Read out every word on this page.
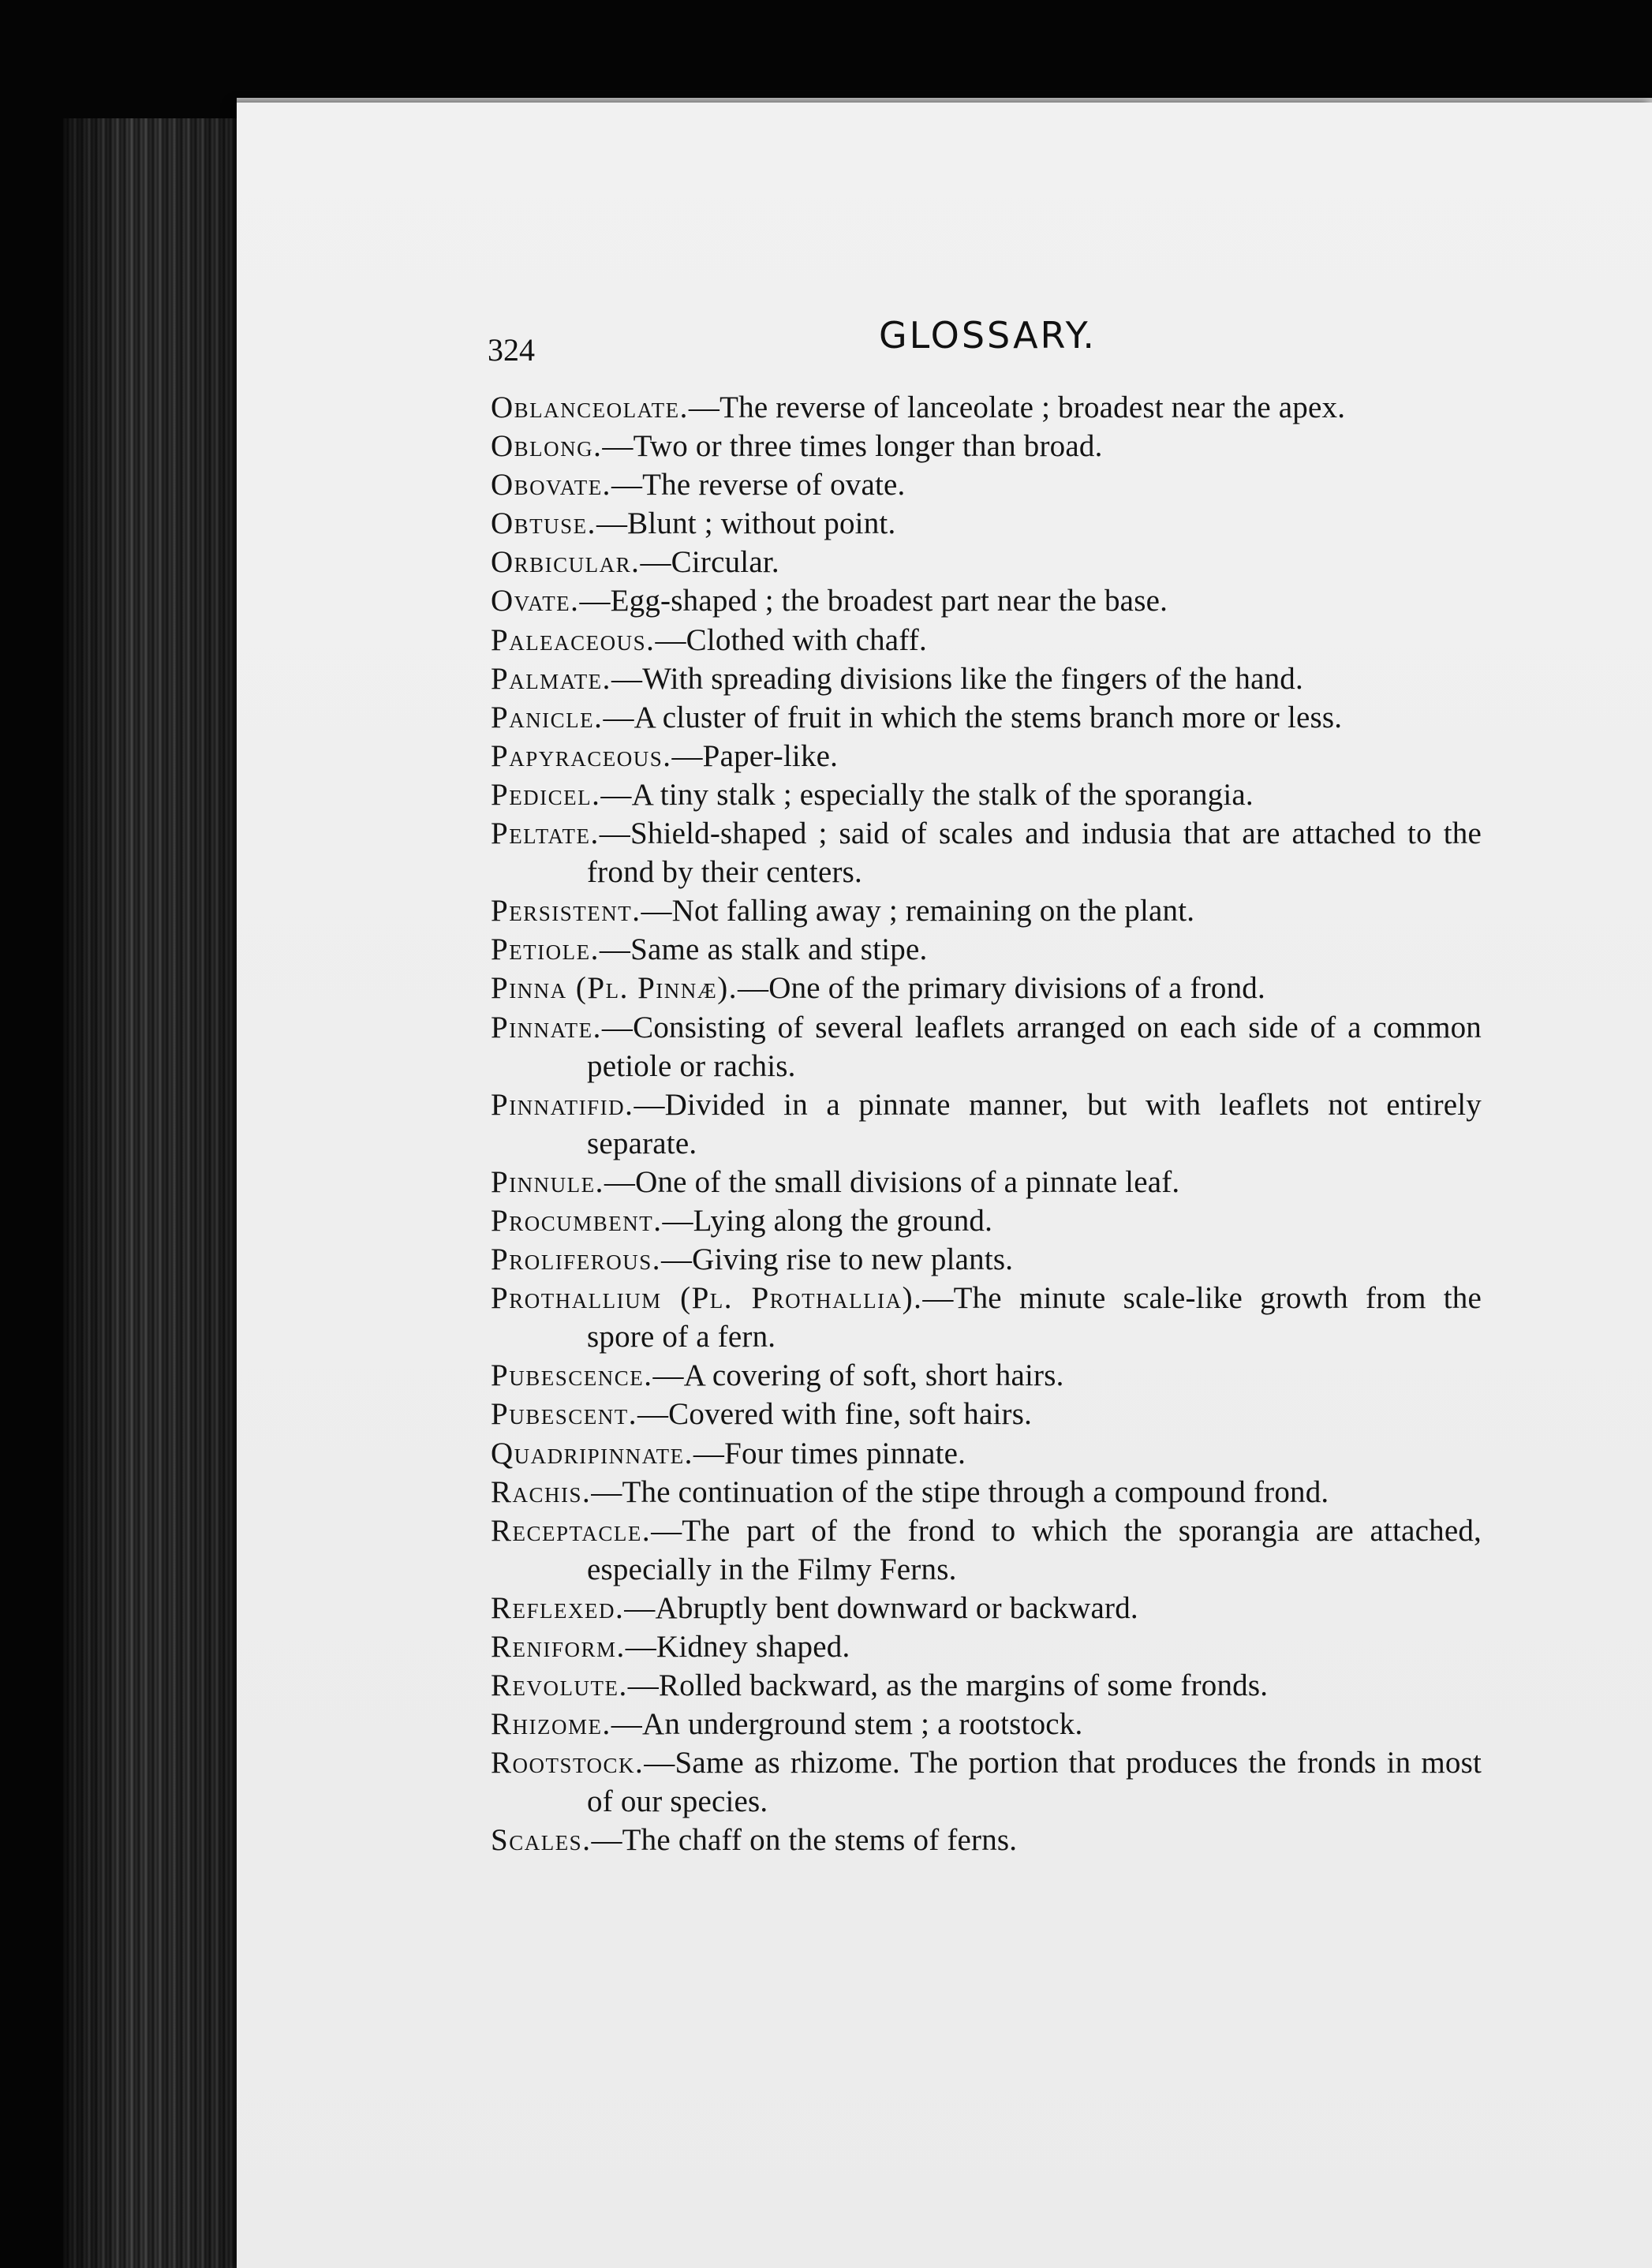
324	GLOSSARY.
Oblanceolate.—The reverse of lanceolate ; broadest near the apex.
Oblong.—Two or three times longer than broad.
Obovate.—The reverse of ovate.
Obtuse.—Blunt ; without point.
Orbicular.—Circular.
Ovate.—Egg-shaped ; the broadest part near the base.
Paleaceous.—Clothed with chaff.
Palmate.—With spreading divisions like the fingers of the hand.
Panicle.—A cluster of fruit in which the stems branch more or less.
Papyraceous.—Paper-like.
Pedicel.—A tiny stalk ; especially the stalk of the sporangia.
Peltate.—Shield-shaped ; said of scales and indusia that are attached to the frond by their centers.
Persistent.—Not falling away ; remaining on the plant.
Petiole.—Same as stalk and stipe.
Pinna (Pl. Pinnæ).—One of the primary divisions of a frond.
Pinnate.—Consisting of several leaflets arranged on each side of a common petiole or rachis.
Pinnatifid.—Divided in a pinnate manner, but with leaflets not entirely separate.
Pinnule.—One of the small divisions of a pinnate leaf.
Procumbent.—Lying along the ground.
Proliferous.—Giving rise to new plants.
Prothallium (Pl. Prothallia).—The minute scale-like growth from the spore of a fern.
Pubescence.—A covering of soft, short hairs.
Pubescent.—Covered with fine, soft hairs.
Quadripinnate.—Four times pinnate.
Rachis.—The continuation of the stipe through a compound frond.
Receptacle.—The part of the frond to which the sporangia are attached, especially in the Filmy Ferns.
Reflexed.—Abruptly bent downward or backward.
Reniform.—Kidney shaped.
Revolute.—Rolled backward, as the margins of some fronds.
Rhizome.—An underground stem ; a rootstock.
Rootstock.—Same as rhizome. The portion that produces the fronds in most of our species.
Scales.—The chaff on the stems of ferns.
